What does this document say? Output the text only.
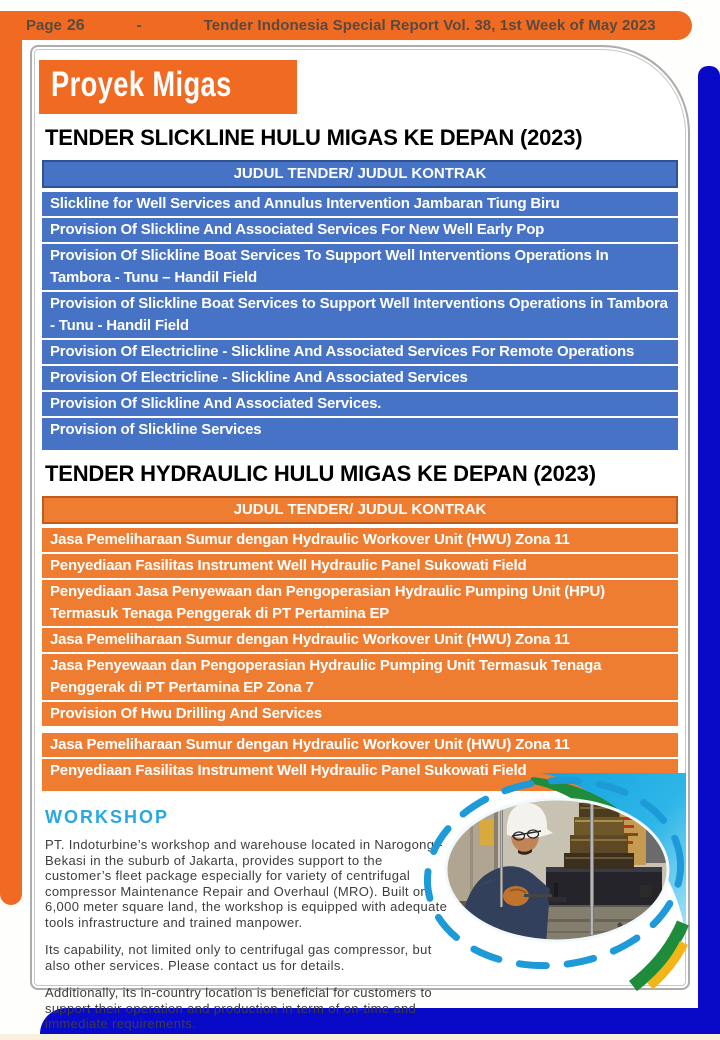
Page 26	-	Tender Indonesia Special Report Vol. 38, 1st Week of May 2023
Proyek Migas
TENDER SLICKLINE HULU MIGAS KE DEPAN (2023)
JUDUL TENDER/ JUDUL KONTRAK
Slickline for Well Services and Annulus Intervention Jambaran Tiung Biru
Provision Of Slickline And Associated Services For New Well Early Pop
Provision Of Slickline Boat Services To Support Well Interventions Operations In Tambora - Tunu – Handil Field
Provision of Slickline Boat Services to Support Well Interventions Operations in Tambora - Tunu - Handil Field
Provision Of Electricline - Slickline And Associated Services For Remote Operations
Provision Of Electricline - Slickline And Associated Services
Provision Of Slickline And Associated Services.
Provision of Slickline Services
TENDER HYDRAULIC HULU MIGAS KE DEPAN (2023)
JUDUL TENDER/ JUDUL KONTRAK
Jasa Pemeliharaan Sumur dengan Hydraulic Workover Unit (HWU) Zona 11
Penyediaan Fasilitas Instrument Well Hydraulic Panel Sukowati Field
Penyediaan Jasa Penyewaan dan Pengoperasian Hydraulic Pumping Unit (HPU) Termasuk Tenaga Penggerak di PT Pertamina EP
Jasa Pemeliharaan Sumur dengan Hydraulic Workover Unit (HWU) Zona 11
Jasa Penyewaan dan Pengoperasian Hydraulic Pumping Unit Termasuk Tenaga Penggerak di PT Pertamina EP Zona 7
Provision Of Hwu Drilling And Services
Jasa Pemeliharaan Sumur dengan Hydraulic Workover Unit (HWU) Zona 11
Penyediaan Fasilitas Instrument Well Hydraulic Panel Sukowati Field
WORKSHOP

PT. Indoturbine’s workshop and warehouse located in Narogong - Bekasi in the suburb of Jakarta, provides support to the customer’s fleet package especially for variety of centrifugal compressor Maintenance Repair and Overhaul (MRO). Built on 6,000 meter square land, the workshop is equipped with adequate tools infrastructure and trained manpower.

Its capability, not limited only to centrifugal gas compressor, but also other services. Please contact us for details.

Additionally, its in-country location is beneficial for customers to support their operation and production in term of on-time and immediate requirements.
